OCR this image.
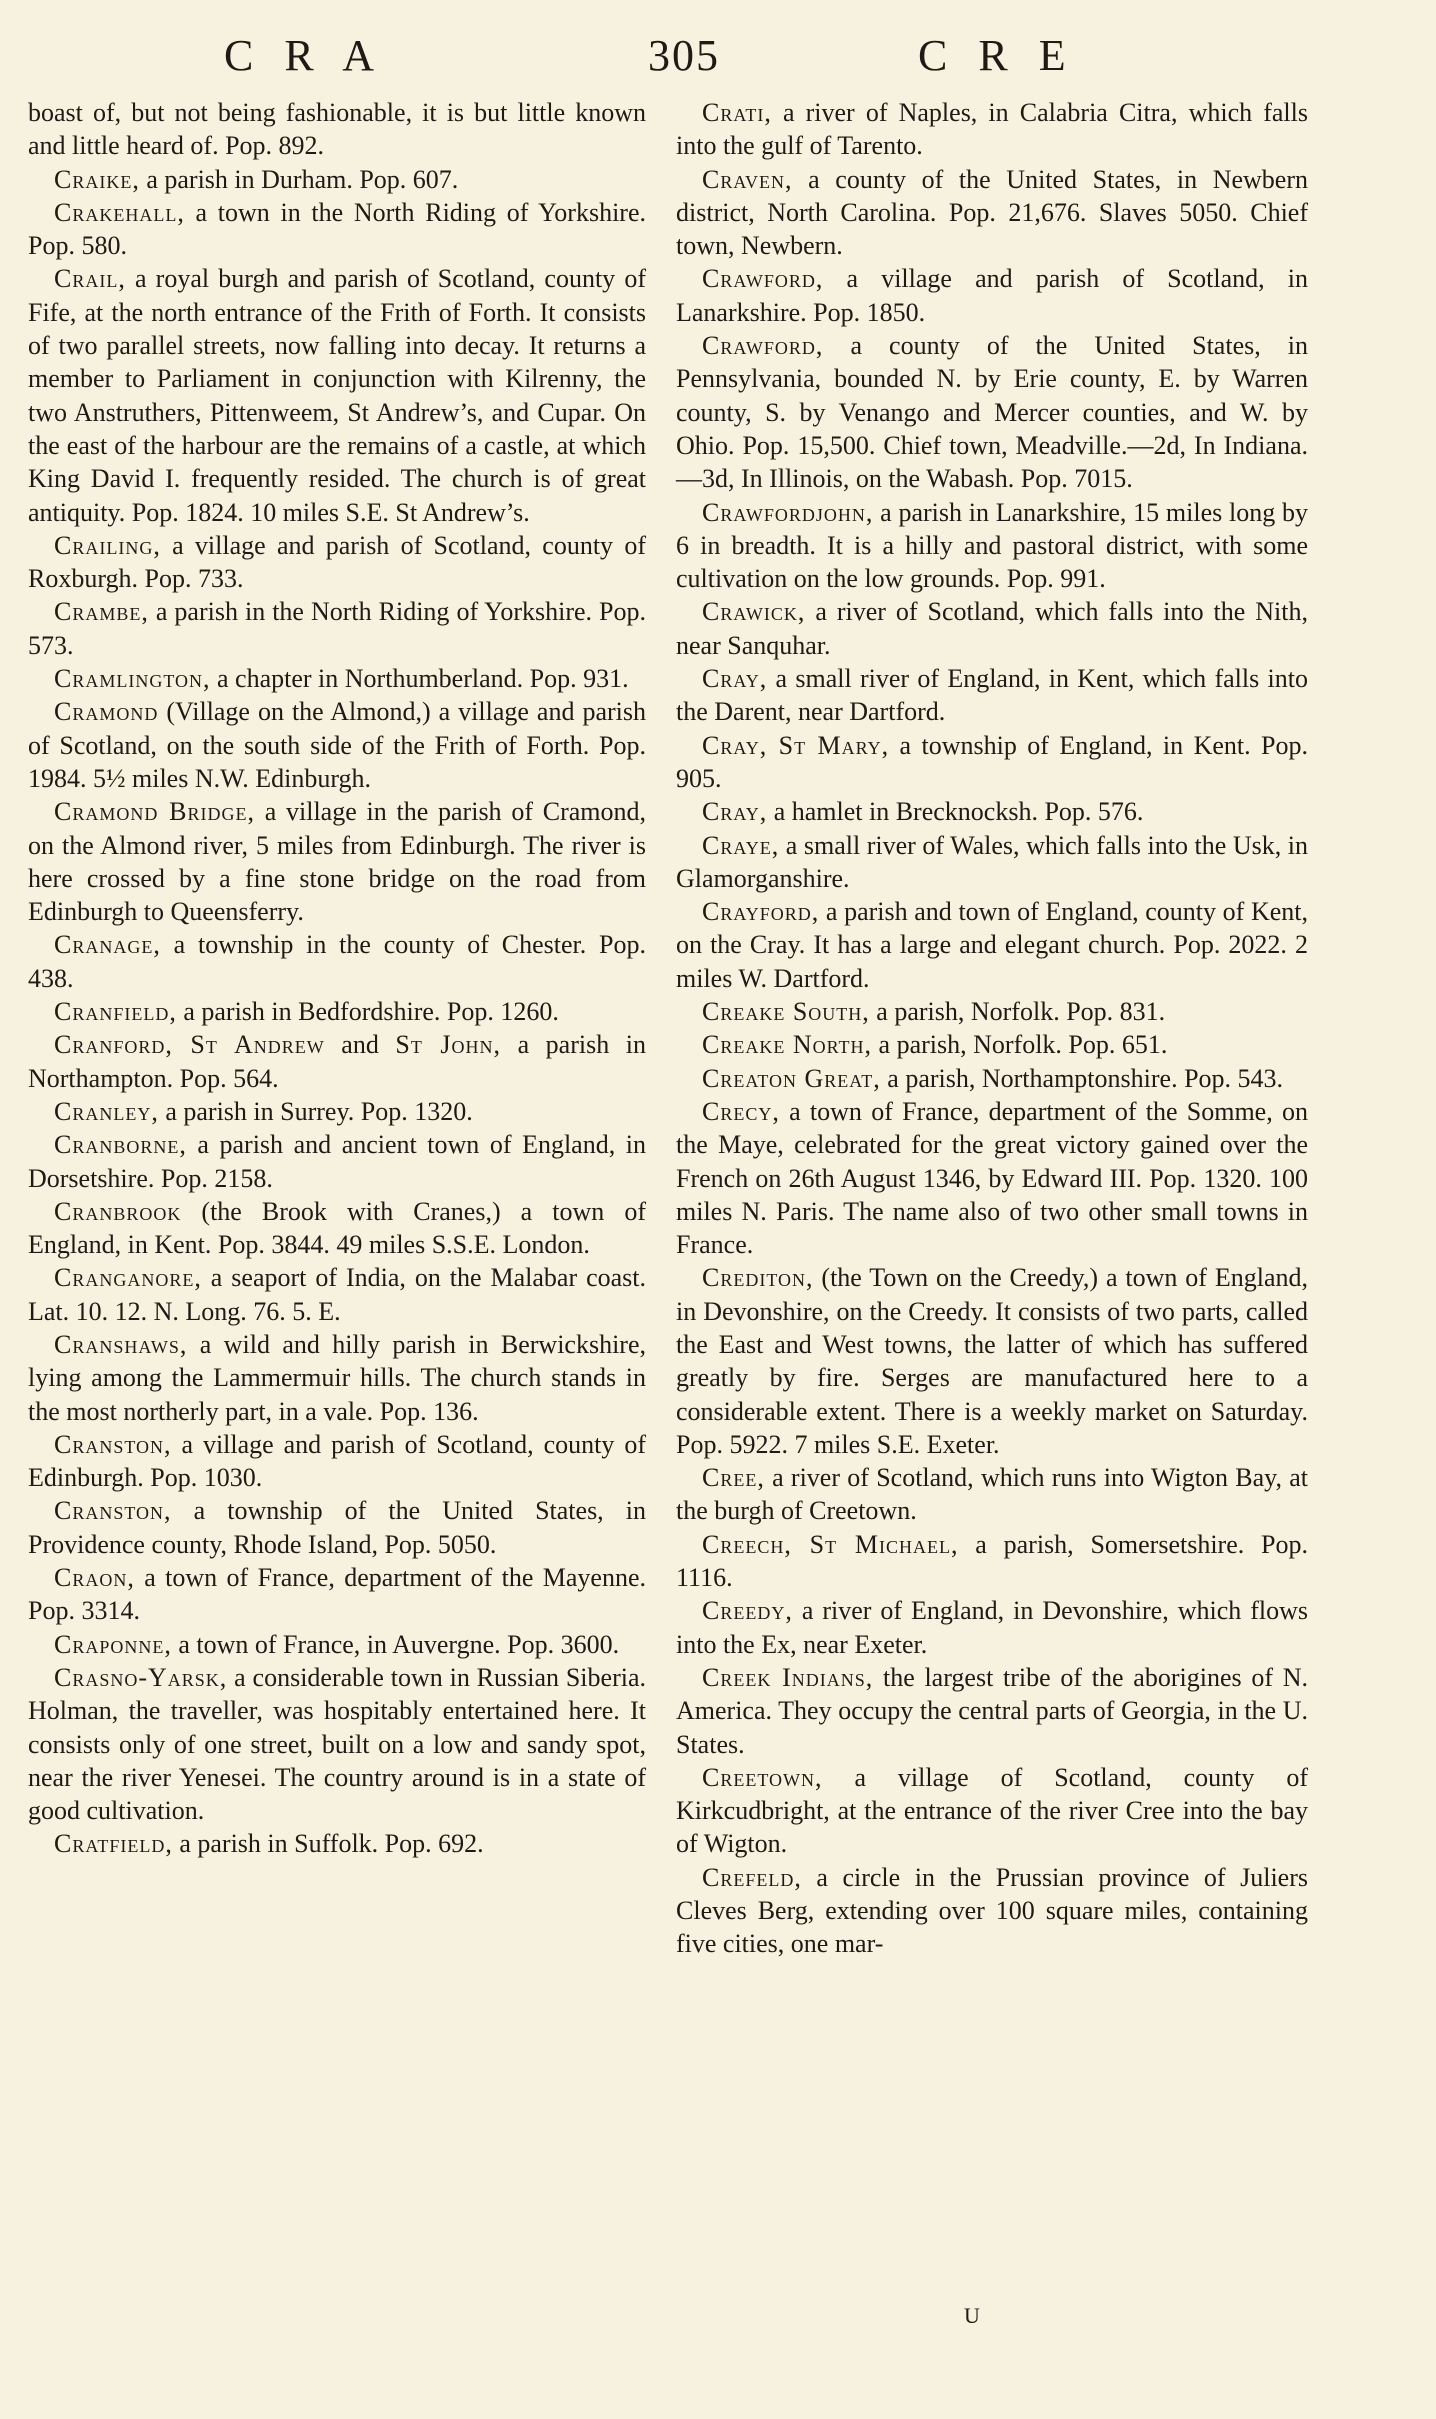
C R A	305	C R E

boast of, but not being fashionable, it is but little known and little heard of. Pop. 892.

Craike, a parish in Durham. Pop. 607.

Crakehall, a town in the North Riding of Yorkshire. Pop. 580.

Crail, a royal burgh and parish of Scotland, county of Fife, at the north entrance of the Frith of Forth. It consists of two parallel streets, now falling into decay. It returns a member to Parliament in conjunction with Kilrenny, the two Anstruthers, Pittenweem, St Andrew’s, and Cupar. On the east of the harbour are the remains of a castle, at which King David I. frequently resided. The church is of great antiquity. Pop. 1824. 10 miles S.E. St Andrew’s.

Crailing, a village and parish of Scotland, county of Roxburgh. Pop. 733.

Crambe, a parish in the North Riding of Yorkshire. Pop. 573.

Cramlington, a chapter in Northumberland. Pop. 931.

Cramond (Village on the Almond,) a village and parish of Scotland, on the south side of the Frith of Forth. Pop. 1984. 5½ miles N.W. Edinburgh.

Cramond Bridge, a village in the parish of Cramond, on the Almond river, 5 miles from Edinburgh. The river is here crossed by a fine stone bridge on the road from Edinburgh to Queensferry.

Cranage, a township in the county of Chester. Pop. 438.

Cranfield, a parish in Bedfordshire. Pop. 1260.

Cranford, St Andrew and St John, a parish in Northampton. Pop. 564.

Cranley, a parish in Surrey. Pop. 1320.

Cranborne, a parish and ancient town of England, in Dorsetshire. Pop. 2158.

Cranbrook (the Brook with Cranes,) a town of England, in Kent. Pop. 3844. 49 miles S.S.E. London.

Cranganore, a seaport of India, on the Malabar coast. Lat. 10. 12. N. Long. 76. 5. E.

Cranshaws, a wild and hilly parish in Berwickshire, lying among the Lammermuir hills. The church stands in the most northerly part, in a vale. Pop. 136.

Cranston, a village and parish of Scotland, county of Edinburgh. Pop. 1030.

Cranston, a township of the United States, in Providence county, Rhode Island, Pop. 5050.

Craon, a town of France, department of the Mayenne. Pop. 3314.

Craponne, a town of France, in Auvergne. Pop. 3600.

Crasno-Yarsk, a considerable town in Russian Siberia. Holman, the traveller, was hospitably entertained here. It consists only of one street, built on a low and sandy spot, near the river Yenesei. The country around is in a state of good cultivation.

Cratfield, a parish in Suffolk. Pop. 692.

Crati, a river of Naples, in Calabria Citra, which falls into the gulf of Tarento.

Craven, a county of the United States, in Newbern district, North Carolina. Pop. 21,676. Slaves 5050. Chief town, Newbern.

Crawford, a village and parish of Scotland, in Lanarkshire. Pop. 1850.

Crawford, a county of the United States, in Pennsylvania, bounded N. by Erie county, E. by Warren county, S. by Venango and Mercer counties, and W. by Ohio. Pop. 15,500. Chief town, Meadville.—2d, In Indiana.—3d, In Illinois, on the Wabash. Pop. 7015.

Crawfordjohn, a parish in Lanarkshire, 15 miles long by 6 in breadth. It is a hilly and pastoral district, with some cultivation on the low grounds. Pop. 991.

Crawick, a river of Scotland, which falls into the Nith, near Sanquhar.

Cray, a small river of England, in Kent, which falls into the Darent, near Dartford.

Cray, St Mary, a township of England, in Kent. Pop. 905.

Cray, a hamlet in Brecknocksh. Pop. 576.

Craye, a small river of Wales, which falls into the Usk, in Glamorganshire.

Crayford, a parish and town of England, county of Kent, on the Cray. It has a large and elegant church. Pop. 2022. 2 miles W. Dartford.

Creake South, a parish, Norfolk. Pop. 831.

Creake North, a parish, Norfolk. Pop. 651.

Creaton Great, a parish, Northamptonshire. Pop. 543.

Crecy, a town of France, department of the Somme, on the Maye, celebrated for the great victory gained over the French on 26th August 1346, by Edward III. Pop. 1320. 100 miles N. Paris. The name also of two other small towns in France.

Crediton, (the Town on the Creedy,) a town of England, in Devonshire, on the Creedy. It consists of two parts, called the East and West towns, the latter of which has suffered greatly by fire. Serges are manufactured here to a considerable extent. There is a weekly market on Saturday. Pop. 5922. 7 miles S.E. Exeter.

Cree, a river of Scotland, which runs into Wigton Bay, at the burgh of Creetown.

Creech, St Michael, a parish, Somersetshire. Pop. 1116.

Creedy, a river of England, in Devonshire, which flows into the Ex, near Exeter.

Creek Indians, the largest tribe of the aborigines of N. America. They occupy the central parts of Georgia, in the U. States.

Creetown, a village of Scotland, county of Kirkcudbright, at the entrance of the river Cree into the bay of Wigton.

Crefeld, a circle in the Prussian province of Juliers Cleves Berg, extending over 100 square miles, containing five cities, one mar-

U
